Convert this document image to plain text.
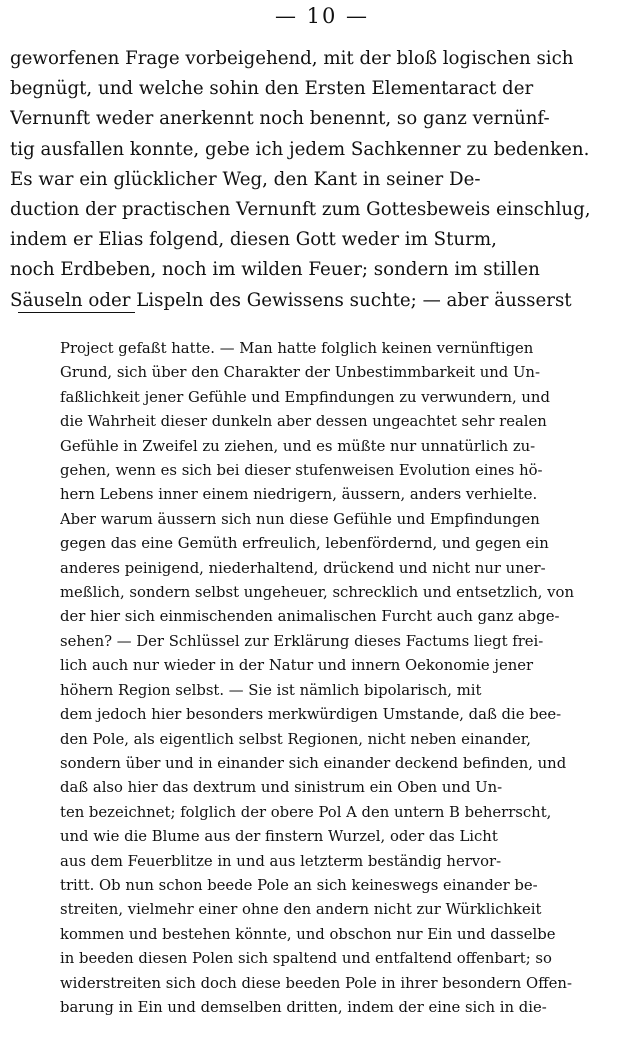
— 10 —
geworfenen Frage vorbeigehend, mit der bloß logischen sich
begnügt, und welche sohin den Ersten Elementaract der
Vernunft weder anerkennt noch benennt, so ganz vernünf-
tig ausfallen konnte, gebe ich jedem Sachkenner zu bedenken.
Es war ein glücklicher Weg, den Kant in seiner De-
duction der practischen Vernunft zum Gottesbeweis einschlug,
indem er Elias folgend, diesen Gott weder im Sturm,
noch Erdbeben, noch im wilden Feuer; sondern im stillen
Säuseln oder Lispeln des Gewissens suchte; — aber äusserst
Project gefaßt hatte. — Man hatte folglich keinen vernünftigen
Grund, sich über den Charakter der Unbestimmbarkeit und Un-
faßlichkeit jener Gefühle und Empfindungen zu verwundern, und
die Wahrheit dieser dunkeln aber dessen ungeachtet sehr realen
Gefühle in Zweifel zu ziehen, und es müßte nur unnatürlich zu-
gehen, wenn es sich bei dieser stufenweisen Evolution eines hö-
hern Lebens inner einem niedrigern, äussern, anders verhielte.
Aber warum äussern sich nun diese Gefühle und Empfindungen
gegen das eine Gemüth erfreulich, lebenfördernd, und gegen ein
anderes peinigend, niederhaltend, drückend und nicht nur uner-
meßlich, sondern selbst ungeheuer, schrecklich und entsetzlich, von
der hier sich einmischenden animalischen Furcht auch ganz abge-
sehen? — Der Schlüssel zur Erklärung dieses Factums liegt frei-
lich auch nur wieder in der Natur und innern Oekonomie jener
höhern Region selbst. — Sie ist nämlich bipolarisch, mit
dem jedoch hier besonders merkwürdigen Umstande, daß die bee-
den Pole, als eigentlich selbst Regionen, nicht neben einander,
sondern über und in einander sich einander deckend befinden, und
daß also hier das dextrum und sinistrum ein Oben und Un-
ten bezeichnet; folglich der obere Pol A den untern B beherrscht,
und wie die Blume aus der finstern Wurzel, oder das Licht
aus dem Feuerblitze in und aus letzterm beständig hervor-
tritt. Ob nun schon beede Pole an sich keineswegs einander be-
streiten, vielmehr einer ohne den andern nicht zur Würklichkeit
kommen und bestehen könnte, und obschon nur Ein und dasselbe
in beeden diesen Polen sich spaltend und entfaltend offenbart; so
widerstreiten sich doch diese beeden Pole in ihrer besondern Offen-
barung in Ein und demselben dritten, indem der eine sich in die-
